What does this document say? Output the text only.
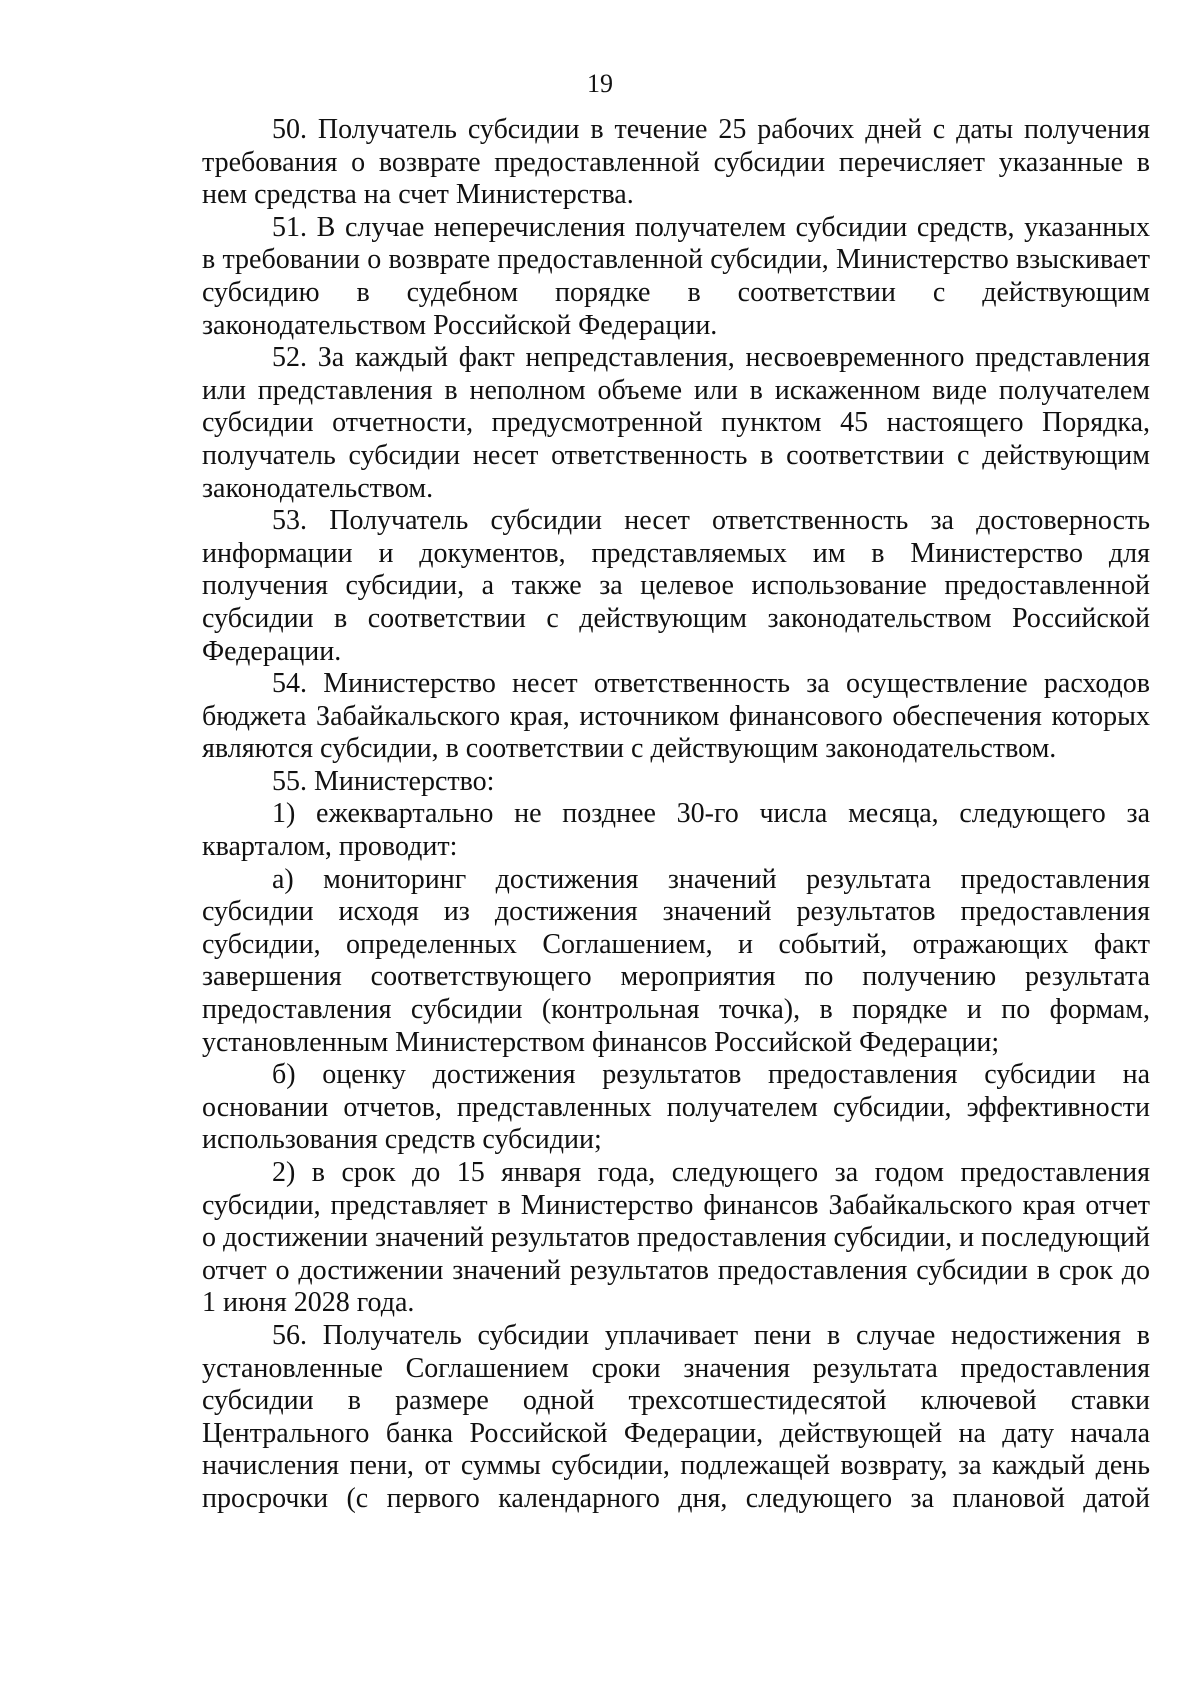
19

50. Получатель субсидии в течение 25 рабочих дней с даты получения требования о возврате предоставленной субсидии перечисляет указанные в нем средства на счет Министерства.

51. В случае неперечисления получателем субсидии средств, указанных в требовании о возврате предоставленной субсидии, Министерство взыскивает субсидию в судебном порядке в соответствии с действующим законодательством Российской Федерации.

52. За каждый факт непредставления, несвоевременного представления или представления в неполном объеме или в искаженном виде получателем субсидии отчетности, предусмотренной пунктом 45 настоящего Порядка, получатель субсидии несет ответственность в соответствии с действующим законодательством.

53. Получатель субсидии несет ответственность за достоверность информации и документов, представляемых им в Министерство для получения субсидии, а также за целевое использование предоставленной субсидии в соответствии с действующим законодательством Российской Федерации.

54. Министерство несет ответственность за осуществление расходов бюджета Забайкальского края, источником финансового обеспечения которых являются субсидии, в соответствии с действующим законодательством.

55. Министерство:

1) ежеквартально не позднее 30-го числа месяца, следующего за кварталом, проводит:

а) мониторинг достижения значений результата предоставления субсидии исходя из достижения значений результатов предоставления субсидии, определенных Соглашением, и событий, отражающих факт завершения соответствующего мероприятия по получению результата предоставления субсидии (контрольная точка), в порядке и по формам, установленным Министерством финансов Российской Федерации;

б) оценку достижения результатов предоставления субсидии на основании отчетов, представленных получателем субсидии, эффективности использования средств субсидии;

2) в срок до 15 января года, следующего за годом предоставления субсидии, представляет в Министерство финансов Забайкальского края отчет о достижении значений результатов предоставления субсидии, и последующий отчет о достижении значений результатов предоставления субсидии в срок до 1 июня 2028 года.

56. Получатель субсидии уплачивает пени в случае недостижения в установленные Соглашением сроки значения результата предоставления субсидии в размере одной трехсотшестидесятой ключевой ставки Центрального банка Российской Федерации, действующей на дату начала начисления пени, от суммы субсидии, подлежащей возврату, за каждый день просрочки (с первого календарного дня, следующего за плановой датой
